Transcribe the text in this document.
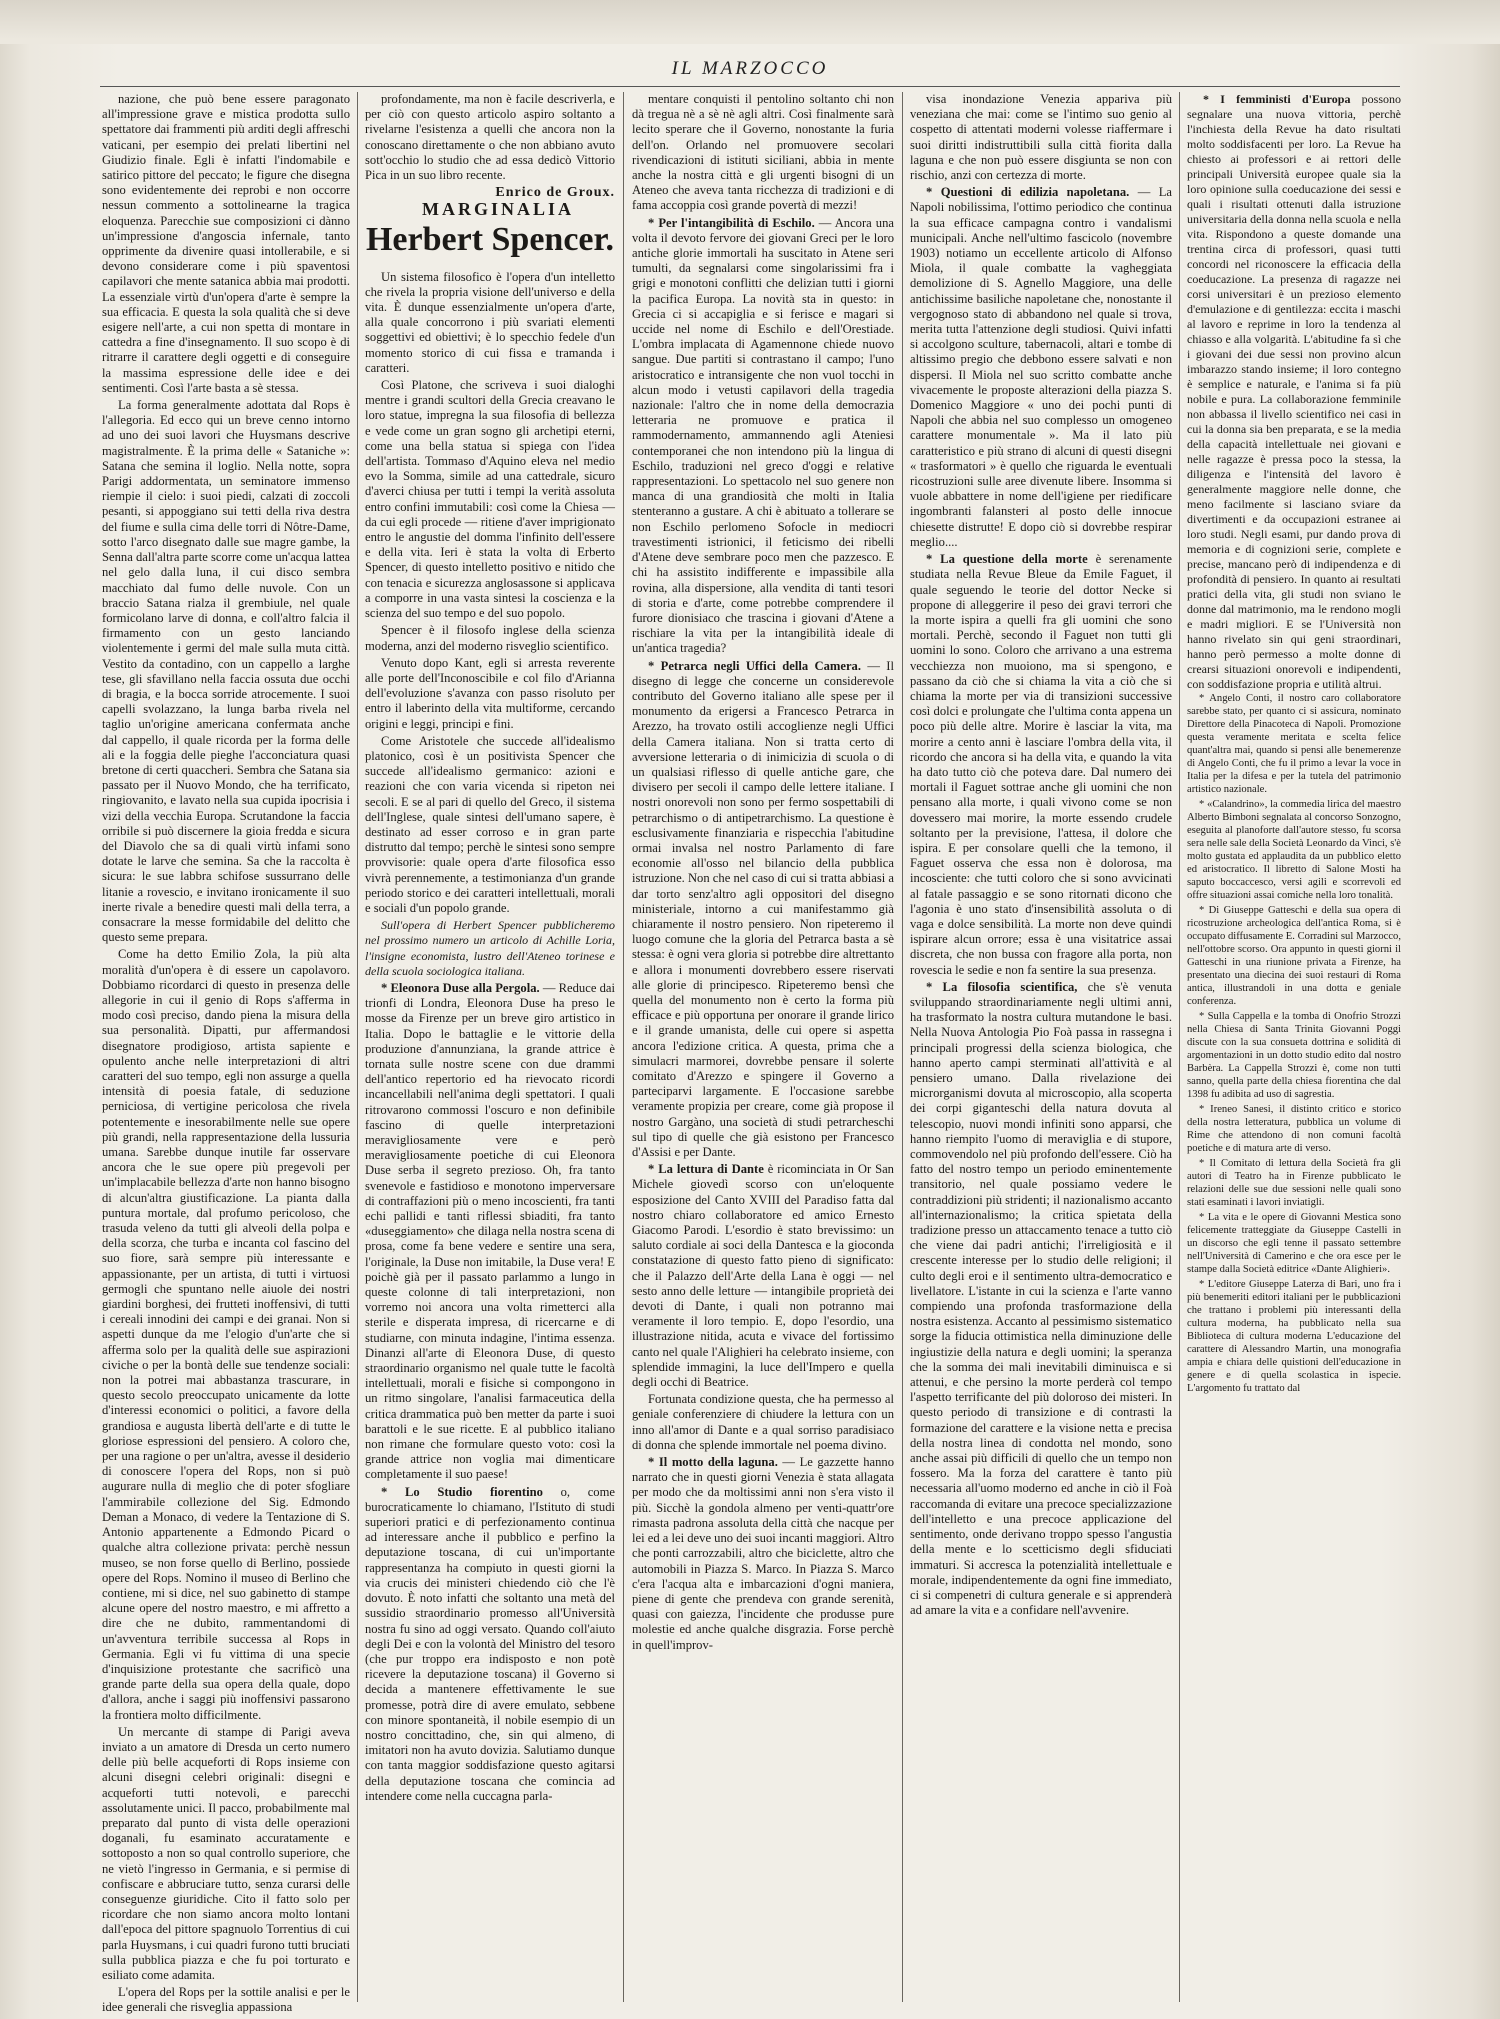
IL MARZOCCO

nazione, che può bene essere paragonato all'impressione grave e mistica prodotta sullo spettatore dai frammenti più arditi degli affreschi vaticani, per esempio dei prelati libertini nel Giudizio finale. Egli è infatti l'indomabile e satirico pittore del peccato; le figure che disegna sono evidentemente dei reprobi e non occorre nessun commento a sottolinearne la tragica eloquenza. Parecchie sue composizioni ci dànno un'impressione d'angoscia infernale, tanto opprimente da divenire quasi intollerabile, e si devono considerare come i più spaventosi capilavori che mente satanica abbia mai prodotti. La essenziale virtù d'un'opera d'arte è sempre la sua efficacia. E questa la sola qualità che si deve esigere nell'arte, a cui non spetta di montare in cattedra a fine d'insegnamento. Il suo scopo è di ritrarre il carattere degli oggetti e di conseguire la massima espressione delle idee e dei sentimenti. Così l'arte basta a sè stessa.

La forma generalmente adottata dal Rops è l'allegoria. Ed ecco qui un breve cenno intorno ad uno dei suoi lavori che Huysmans descrive magistralmente. È la prima delle « Sataniche »: Satana che semina il loglio. Nella notte, sopra Parigi addormentata, un seminatore immenso riempie il cielo: i suoi piedi, calzati di zoccoli pesanti, si appoggiano sui tetti della riva destra del fiume e sulla cima delle torri di Nôtre-Dame, sotto l'arco disegnato dalle sue magre gambe, la Senna dall'altra parte scorre come un'acqua lattea nel gelo dalla luna, il cui disco sembra macchiato dal fumo delle nuvole. Con un braccio Satana rialza il grembiule, nel quale formicolano larve di donna, e coll'altro falcia il firmamento con un gesto lanciando violentemente i germi del male sulla muta città. Vestito da contadino, con un cappello a larghe tese, gli sfavillano nella faccia ossuta due occhi di bragia, e la bocca sorride atrocemente. I suoi capelli svolazzano, la lunga barba rivela nel taglio un'origine americana confermata anche dal cappello, il quale ricorda per la forma delle ali e la foggia delle pieghe l'acconciatura quasi bretone di certi quaccheri. Sembra che Satana sia passato per il Nuovo Mondo, che ha terrificato, ringiovanito, e lavato nella sua cupida ipocrisia i vizi della vecchia Europa. Scrutandone la faccia orribile si può discernere la gioia fredda e sicura del Diavolo che sa di quali virtù infami sono dotate le larve che semina. Sa che la raccolta è sicura: le sue labbra schifose sussurrano delle litanie a rovescio, e invitano ironicamente il suo inerte rivale a benedire questi mali della terra, a consacrare la messe formidabile del delitto che questo seme prepara.

Come ha detto Emilio Zola, la più alta moralità d'un'opera è di essere un capolavoro. Dobbiamo ricordarci di questo in presenza delle allegorie in cui il genio di Rops s'afferma in modo così preciso, dando piena la misura della sua personalità. Dipatti, pur affermandosi disegnatore prodigioso, artista sapiente e opulento anche nelle interpretazioni di altri caratteri del suo tempo, egli non assurge a quella intensità di poesia fatale, di seduzione perniciosa, di vertigine pericolosa che rivela potentemente e inesorabilmente nelle sue opere più grandi, nella rappresentazione della lussuria umana. Sarebbe dunque inutile far osservare ancora che le sue opere più pregevoli per un'implacabile bellezza d'arte non hanno bisogno di alcun'altra giustificazione. La pianta dalla puntura mortale, dal profumo pericoloso, che trasuda veleno da tutti gli alveoli della polpa e della scorza, che turba e incanta col fascino del suo fiore, sarà sempre più interessante e appassionante, per un artista, di tutti i virtuosi germogli che spuntano nelle aiuole dei nostri giardini borghesi, dei frutteti inoffensivi, di tutti i cereali innodini dei campi e dei granai. Non si aspetti dunque da me l'elogio d'un'arte che si afferma solo per la qualità delle sue aspirazioni civiche o per la bontà delle sue tendenze sociali: non la potrei mai abbastanza trascurare, in questo secolo preoccupato unicamente da lotte d'interessi economici o politici, a favore della grandiosa e augusta libertà dell'arte e di tutte le gloriose espressioni del pensiero. A coloro che, per una ragione o per un'altra, avesse il desiderio di conoscere l'opera del Rops, non si può augurare nulla di meglio che di poter sfogliare l'ammirabile collezione del Sig. Edmondo Deman a Monaco, di vedere la Tentazione di S. Antonio appartenente a Edmondo Picard o qualche altra collezione privata: perchè nessun museo, se non forse quello di Berlino, possiede opere del Rops. Nomino il museo di Berlino che contiene, mi si dice, nel suo gabinetto di stampe alcune opere del nostro maestro, e mi affretto a dire che ne dubito, rammentandomi di un'avventura terribile successa al Rops in Germania. Egli vi fu vittima di una specie d'inquisizione protestante che sacrificò una grande parte della sua opera della quale, dopo d'allora, anche i saggi più inoffensivi passarono la frontiera molto difficilmente.

Un mercante di stampe di Parigi aveva inviato a un amatore di Dresda un certo numero delle più belle acqueforti di Rops insieme con alcuni disegni celebri originali: disegni e acqueforti tutti notevoli, e parecchi assolutamente unici. Il pacco, probabilmente mal preparato dal punto di vista delle operazioni doganali, fu esaminato accuratamente e sottoposto a non so qual controllo superiore, che ne vietò l'ingresso in Germania, e si permise di confiscare e abbruciare tutto, senza curarsi delle conseguenze giuridiche. Cito il fatto solo per ricordare che non siamo ancora molto lontani dall'epoca del pittore spagnuolo Torrentius di cui parla Huysmans, i cui quadri furono tutti bruciati sulla pubblica piazza e che fu poi torturato e esiliato come adamita.

L'opera del Rops per la sottile analisi e per le idee generali che risveglia appassiona

profondamente, ma non è facile descriverla, e per ciò con questo articolo aspiro soltanto a rivelarne l'esistenza a quelli che ancora non la conoscano direttamente o che non abbiano avuto sott'occhio lo studio che ad essa dedicò Vittorio Pica in un suo libro recente.

Enrico de Groux.

MARGINALIA

Herbert Spencer.

Un sistema filosofico è l'opera d'un intelletto che rivela la propria visione dell'universo e della vita. È dunque essenzialmente un'opera d'arte, alla quale concorrono i più svariati elementi soggettivi ed obiettivi; è lo specchio fedele d'un momento storico di cui fissa e tramanda i caratteri.

Così Platone, che scriveva i suoi dialoghi mentre i grandi scultori della Grecia creavano le loro statue, impregna la sua filosofia di bellezza e vede come un gran sogno gli archetipi eterni, come una bella statua si spiega con l'idea dell'artista. Tommaso d'Aquino eleva nel medio evo la Somma, simile ad una cattedrale, sicuro d'averci chiusa per tutti i tempi la verità assoluta entro confini immutabili: così come la Chiesa — da cui egli procede — ritiene d'aver imprigionato entro le angustie del domma l'infinito dell'essere e della vita. Ieri è stata la volta di Erberto Spencer, di questo intelletto positivo e nitido che con tenacia e sicurezza anglosassone si applicava a comporre in una vasta sintesi la coscienza e la scienza del suo tempo e del suo popolo.

Spencer è il filosofo inglese della scienza moderna, anzi del moderno risveglio scientifico.

Venuto dopo Kant, egli si arresta reverente alle porte dell'Inconoscibile e col filo d'Arianna dell'evoluzione s'avanza con passo risoluto per entro il laberinto della vita multiforme, cercando origini e leggi, principi e fini.

Come Aristotele che succede all'idealismo platonico, così è un positivista Spencer che succede all'idealismo germanico: azioni e reazioni che con varia vicenda si ripeton nei secoli. E se al pari di quello del Greco, il sistema dell'Inglese, quale sintesi dell'umano sapere, è destinato ad esser corroso e in gran parte distrutto dal tempo; perchè le sintesi sono sempre provvisorie: quale opera d'arte filosofica esso vivrà perennemente, a testimonianza d'un grande periodo storico e dei caratteri intellettuali, morali e sociali d'un popolo grande.

Sull'opera di Herbert Spencer pubblicheremo nel prossimo numero un articolo di Achille Loria, l'insigne economista, lustro dell'Ateneo torinese e della scuola sociologica italiana.

* Eleonora Duse alla Pergola. — Reduce dai trionfi di Londra, Eleonora Duse ha preso le mosse da Firenze per un breve giro artistico in Italia. Dopo le battaglie e le vittorie della produzione d'annunziana, la grande attrice è tornata sulle nostre scene con due drammi dell'antico repertorio ed ha rievocato ricordi incancellabili nell'anima degli spettatori. I quali ritrovarono commossi l'oscuro e non definibile fascino di quelle interpretazioni meravigliosamente vere e però meravigliosamente poetiche di cui Eleonora Duse serba il segreto prezioso. Oh, fra tanto svenevole e fastidioso e monotono imperversare di contraffazioni più o meno incoscienti, fra tanti echi pallidi e tanti riflessi sbiaditi, fra tanto «duseggiamento» che dilaga nella nostra scena di prosa, come fa bene vedere e sentire una sera, l'originale, la Duse non imitabile, la Duse vera! E poichè già per il passato parlammo a lungo in queste colonne di tali interpretazioni, non vorremo noi ancora una volta rimetterci alla sterile e disperata impresa, di ricercarne e di studiarne, con minuta indagine, l'intima essenza. Dinanzi all'arte di Eleonora Duse, di questo straordinario organismo nel quale tutte le facoltà intellettuali, morali e fisiche si compongono in un ritmo singolare, l'analisi farmaceutica della critica drammatica può ben metter da parte i suoi barattoli e le sue ricette. E al pubblico italiano non rimane che formulare questo voto: così la grande attrice non voglia mai dimenticare completamente il suo paese!

* Lo Studio fiorentino o, come burocraticamente lo chiamano, l'Istituto di studi superiori pratici e di perfezionamento continua ad interessare anche il pubblico e perfino la deputazione toscana, di cui un'importante rappresentanza ha compiuto in questi giorni la via crucis dei ministeri chiedendo ciò che l'è dovuto. È noto infatti che soltanto una metà del sussidio straordinario promesso all'Università nostra fu sino ad oggi versato. Quando coll'aiuto degli Dei e con la volontà del Ministro del tesoro (che pur troppo era indisposto e non potè ricevere la deputazione toscana) il Governo si decida a mantenere effettivamente le sue promesse, potrà dire di avere emulato, sebbene con minore spontaneità, il nobile esempio di un nostro concittadino, che, sin qui almeno, di imitatori non ha avuto dovizia. Salutiamo dunque con tanta maggior soddisfazione questo agitarsi della deputazione toscana che comincia ad intendere come nella cuccagna parla-

mentare conquisti il pentolino soltanto chi non dà tregua nè a sè nè agli altri. Così finalmente sarà lecito sperare che il Governo, nonostante la furia dell'on. Orlando nel promuovere secolari rivendicazioni di istituti siciliani, abbia in mente anche la nostra città e gli urgenti bisogni di un Ateneo che aveva tanta ricchezza di tradizioni e di fama accoppia così grande povertà di mezzi!

* Per l'intangibilità di Eschilo. — Ancora una volta il devoto fervore dei giovani Greci per le loro antiche glorie immortali ha suscitato in Atene seri tumulti, da segnalarsi come singolarissimi fra i grigi e monotoni conflitti che delizian tutti i giorni la pacifica Europa. La novità sta in questo: in Grecia ci si accapiglia e si ferisce e magari si uccide nel nome di Eschilo e dell'Orestiade. L'ombra implacata di Agamennone chiede nuovo sangue. Due partiti si contrastano il campo; l'uno aristocratico e intransigente che non vuol tocchi in alcun modo i vetusti capilavori della tragedia nazionale: l'altro che in nome della democrazia letteraria ne promuove e pratica il rammodernamento, ammannendo agli Ateniesi contemporanei che non intendono più la lingua di Eschilo, traduzioni nel greco d'oggi e relative rappresentazioni. Lo spettacolo nel suo genere non manca di una grandiosità che molti in Italia stenteranno a gustare. A chi è abituato a tollerare se non Eschilo perlomeno Sofocle in mediocri travestimenti istrionici, il feticismo dei ribelli d'Atene deve sembrare poco men che pazzesco. E chi ha assistito indifferente e impassibile alla rovina, alla dispersione, alla vendita di tanti tesori di storia e d'arte, come potrebbe comprendere il furore dionisiaco che trascina i giovani d'Atene a rischiare la vita per la intangibilità ideale di un'antica tragedia?

* Petrarca negli Uffici della Camera. — Il disegno di legge che concerne un considerevole contributo del Governo italiano alle spese per il monumento da erigersi a Francesco Petrarca in Arezzo, ha trovato ostili accoglienze negli Uffici della Camera italiana. Non si tratta certo di avversione letteraria o di inimicizia di scuola o di un qualsiasi riflesso di quelle antiche gare, che divisero per secoli il campo delle lettere italiane. I nostri onorevoli non sono per fermo sospettabili di petrarchismo o di antipetrarchismo. La questione è esclusivamente finanziaria e rispecchia l'abitudine ormai invalsa nel nostro Parlamento di fare economie all'osso nel bilancio della pubblica istruzione. Non che nel caso di cui si tratta abbiasi a dar torto senz'altro agli oppositori del disegno ministeriale, intorno a cui manifestammo già chiaramente il nostro pensiero. Non ripeteremo il luogo comune che la gloria del Petrarca basta a sè stessa: è ogni vera gloria si potrebbe dire altrettanto e allora i monumenti dovrebbero essere riservati alle glorie di principesco. Ripeteremo bensì che quella del monumento non è certo la forma più efficace e più opportuna per onorare il grande lirico e il grande umanista, delle cui opere si aspetta ancora l'edizione critica. A questa, prima che a simulacri marmorei, dovrebbe pensare il solerte comitato d'Arezzo e spingere il Governo a parteciparvi largamente. E l'occasione sarebbe veramente propizia per creare, come già propose il nostro Gargàno, una società di studi petrarcheschi sul tipo di quelle che già esistono per Francesco d'Assisi e per Dante.

* La lettura di Dante è ricominciata in Or San Michele giovedì scorso con un'eloquente esposizione del Canto XVIII del Paradiso fatta dal nostro chiaro collaboratore ed amico Ernesto Giacomo Parodi. L'esordio è stato brevissimo: un saluto cordiale ai soci della Dantesca e la gioconda constatazione di questo fatto pieno di significato: che il Palazzo dell'Arte della Lana è oggi — nel sesto anno delle letture — intangibile proprietà dei devoti di Dante, i quali non potranno mai veramente il loro tempio. E, dopo l'esordio, una illustrazione nitida, acuta e vivace del fortissimo canto nel quale l'Alighieri ha celebrato insieme, con splendide immagini, la luce dell'Impero e quella degli occhi di Beatrice.

Fortunata condizione questa, che ha permesso al geniale conferenziere di chiudere la lettura con un inno all'amor di Dante e a qual sorriso paradisiaco di donna che splende immortale nel poema divino.

* Il motto della laguna. — Le gazzette hanno narrato che in questi giorni Venezia è stata allagata per modo che da moltissimi anni non s'era visto il più. Sicchè la gondola almeno per venti-quattr'ore rimasta padrona assoluta della città che nacque per lei ed a lei deve uno dei suoi incanti maggiori. Altro che ponti carrozzabili, altro che biciclette, altro che automobili in Piazza S. Marco. In Piazza S. Marco c'era l'acqua alta e imbarcazioni d'ogni maniera, piene di gente che prendeva con grande serenità, quasi con gaiezza, l'incidente che produsse pure molestie ed anche qualche disgrazia. Forse perchè in quell'improv-

visa inondazione Venezia appariva più veneziana che mai: come se l'intimo suo genio al cospetto di attentati moderni volesse riaffermare i suoi diritti indistruttibili sulla città fiorita dalla laguna e che non può essere disgiunta se non con rischio, anzi con certezza di morte.

* Questioni di edilizia napoletana. — La Napoli nobilissima, l'ottimo periodico che continua la sua efficace campagna contro i vandalismi municipali. Anche nell'ultimo fascicolo (novembre 1903) notiamo un eccellente articolo di Alfonso Miola, il quale combatte la vagheggiata demolizione di S. Agnello Maggiore, una delle antichissime basiliche napoletane che, nonostante il vergognoso stato di abbandono nel quale si trova, merita tutta l'attenzione degli studiosi. Quivi infatti si accolgono sculture, tabernacoli, altari e tombe di altissimo pregio che debbono essere salvati e non dispersi. Il Miola nel suo scritto combatte anche vivacemente le proposte alterazioni della piazza S. Domenico Maggiore « uno dei pochi punti di Napoli che abbia nel suo complesso un omogeneo carattere monumentale ». Ma il lato più caratteristico e più strano di alcuni di questi disegni « trasformatori » è quello che riguarda le eventuali ricostruzioni sulle aree divenute libere. Insomma si vuole abbattere in nome dell'igiene per riedificare ingombranti falansteri al posto delle innocue chiesette distrutte! E dopo ciò si dovrebbe respirar meglio....

* La questione della morte è serenamente studiata nella Revue Bleue da Emile Faguet, il quale seguendo le teorie del dottor Necke si propone di alleggerire il peso dei gravi terrori che la morte ispira a quelli fra gli uomini che sono mortali. Perchè, secondo il Faguet non tutti gli uomini lo sono. Coloro che arrivano a una estrema vecchiezza non muoiono, ma si spengono, e passano da ciò che si chiama la vita a ciò che si chiama la morte per via di transizioni successive così dolci e prolungate che l'ultima conta appena un poco più delle altre. Morire è lasciar la vita, ma morire a cento anni è lasciare l'ombra della vita, il ricordo che ancora si ha della vita, e quando la vita ha dato tutto ciò che poteva dare. Dal numero dei mortali il Faguet sottrae anche gli uomini che non pensano alla morte, i quali vivono come se non dovessero mai morire, la morte essendo crudele soltanto per la previsione, l'attesa, il dolore che ispira. E per consolare quelli che la temono, il Faguet osserva che essa non è dolorosa, ma incosciente: che tutti coloro che si sono avvicinati al fatale passaggio e se sono ritornati dicono che l'agonia è uno stato d'insensibilità assoluta o di vaga e dolce sensibilità. La morte non deve quindi ispirare alcun orrore; essa è una visitatrice assai discreta, che non bussa con fragore alla porta, non rovescia le sedie e non fa sentire la sua presenza.

* La filosofia scientifica, che s'è venuta sviluppando straordinariamente negli ultimi anni, ha trasformato la nostra cultura mutandone le basi. Nella Nuova Antologia Pio Foà passa in rassegna i principali progressi della scienza biologica, che hanno aperto campi sterminati all'attività e al pensiero umano. Dalla rivelazione dei microrganismi dovuta al microscopio, alla scoperta dei corpi giganteschi della natura dovuta al telescopio, nuovi mondi infiniti sono apparsi, che hanno riempito l'uomo di meraviglia e di stupore, commovendolo nel più profondo dell'essere. Ciò ha fatto del nostro tempo un periodo eminentemente transitorio, nel quale possiamo vedere le contraddizioni più stridenti; il nazionalismo accanto all'internazionalismo; la critica spietata della tradizione presso un attaccamento tenace a tutto ciò che viene dai padri antichi; l'irreligiosità e il crescente interesse per lo studio delle religioni; il culto degli eroi e il sentimento ultra-democratico e livellatore. L'istante in cui la scienza e l'arte vanno compiendo una profonda trasformazione della nostra esistenza. Accanto al pessimismo sistematico sorge la fiducia ottimistica nella diminuzione delle ingiustizie della natura e degli uomini; la speranza che la somma dei mali inevitabili diminuisca e si attenui, e che persino la morte perderà col tempo l'aspetto terrificante del più doloroso dei misteri. In questo periodo di transizione e di contrasti la formazione del carattere e la visione netta e precisa della nostra linea di condotta nel mondo, sono anche assai più difficili di quello che un tempo non fossero. Ma la forza del carattere è tanto più necessaria all'uomo moderno ed anche in ciò il Foà raccomanda di evitare una precoce specializzazione dell'intelletto e una precoce applicazione del sentimento, onde derivano troppo spesso l'angustia della mente e lo scetticismo degli sfiduciati immaturi. Si accresca la potenzialità intellettuale e morale, indipendentemente da ogni fine immediato, ci si compenetri di cultura generale e si apprenderà ad amare la vita e a confidare nell'avvenire.

* I femministi d'Europa possono segnalare una nuova vittoria, perchè l'inchiesta della Revue ha dato risultati molto soddisfacenti per loro. La Revue ha chiesto ai professori e ai rettori delle principali Università europee quale sia la loro opinione sulla coeducazione dei sessi e quali i risultati ottenuti dalla istruzione universitaria della donna nella scuola e nella vita. Rispondono a queste domande una trentina circa di professori, quasi tutti concordi nel riconoscere la efficacia della coeducazione. La presenza di ragazze nei corsi universitari è un prezioso elemento d'emulazione e di gentilezza: eccita i maschi al lavoro e reprime in loro la tendenza al chiasso e alla volgarità. L'abitudine fa sì che i giovani dei due sessi non provino alcun imbarazzo stando insieme; il loro contegno è semplice e naturale, e l'anima si fa più nobile e pura. La collaborazione femminile non abbassa il livello scientifico nei casi in cui la donna sia ben preparata, e se la media della capacità intellettuale nei giovani e nelle ragazze è pressa poco la stessa, la diligenza e l'intensità del lavoro è generalmente maggiore nelle donne, che meno facilmente si lasciano sviare da divertimenti e da occupazioni estranee ai loro studi. Negli esami, pur dando prova di memoria e di cognizioni serie, complete e precise, mancano però di indipendenza e di profondità di pensiero. In quanto ai resultati pratici della vita, gli studi non sviano le donne dal matrimonio, ma le rendono mogli e madri migliori. E se l'Università non hanno rivelato sin qui geni straordinari, hanno però permesso a molte donne di crearsi situazioni onorevoli e indipendenti, con soddisfazione propria e utilità altrui.

* Angelo Conti, il nostro caro collaboratore sarebbe stato, per quanto ci si assicura, nominato Direttore della Pinacoteca di Napoli. Promozione questa veramente meritata e scelta felice quant'altra mai, quando si pensi alle benemerenze di Angelo Conti, che fu il primo a levar la voce in Italia per la difesa e per la tutela del patrimonio artistico nazionale.

* «Calandrino», la commedia lirica del maestro Alberto Bimboni segnalata al concorso Sonzogno, eseguita al planoforte dall'autore stesso, fu scorsa sera nelle sale della Società Leonardo da Vinci, s'è molto gustata ed applaudita da un pubblico eletto ed aristocratico. Il libretto di Salone Mosti ha saputo boccaccesco, versi agili e scorrevoli ed offre situazioni assai comiche nella loro tonalità.

* Di Giuseppe Gatteschi e della sua opera di ricostruzione archeologica dell'antica Roma, si è occupato diffusamente E. Corradini sul Marzocco, nell'ottobre scorso. Ora appunto in questi giorni il Gatteschi in una riunione privata a Firenze, ha presentato una diecina dei suoi restauri di Roma antica, illustrandoli in una dotta e geniale conferenza.

* Sulla Cappella e la tomba di Onofrio Strozzi nella Chiesa di Santa Trinita Giovanni Poggi discute con la sua consueta dottrina e solidità di argomentazioni in un dotto studio edito dal nostro Barbèra. La Cappella Strozzi è, come non tutti sanno, quella parte della chiesa fiorentina che dal 1398 fu adibita ad uso di sagrestia.

* Ireneo Sanesi, il distinto critico e storico della nostra letteratura, pubblica un volume di Rime che attendono di non comuni facoltà poetiche e di matura arte di verso.

* Il Comitato di lettura della Società fra gli autori di Teatro ha in Firenze pubblicato le relazioni delle sue due sessioni nelle quali sono stati esaminati i lavori inviatigli.

* La vita e le opere di Giovanni Mestica sono felicemente tratteggiate da Giuseppe Castelli in un discorso che egli tenne il passato settembre nell'Università di Camerino e che ora esce per le stampe dalla Società editrice «Dante Alighieri».

* L'editore Giuseppe Laterza di Bari, uno fra i più benemeriti editori italiani per le pubblicazioni che trattano i problemi più interessanti della cultura moderna, ha pubblicato nella sua Biblioteca di cultura moderna L'educazione del carattere di Alessandro Martin, una monografia ampia e chiara delle quistioni dell'educazione in genere e di quella scolastica in ispecie. L'argomento fu trattato dal
